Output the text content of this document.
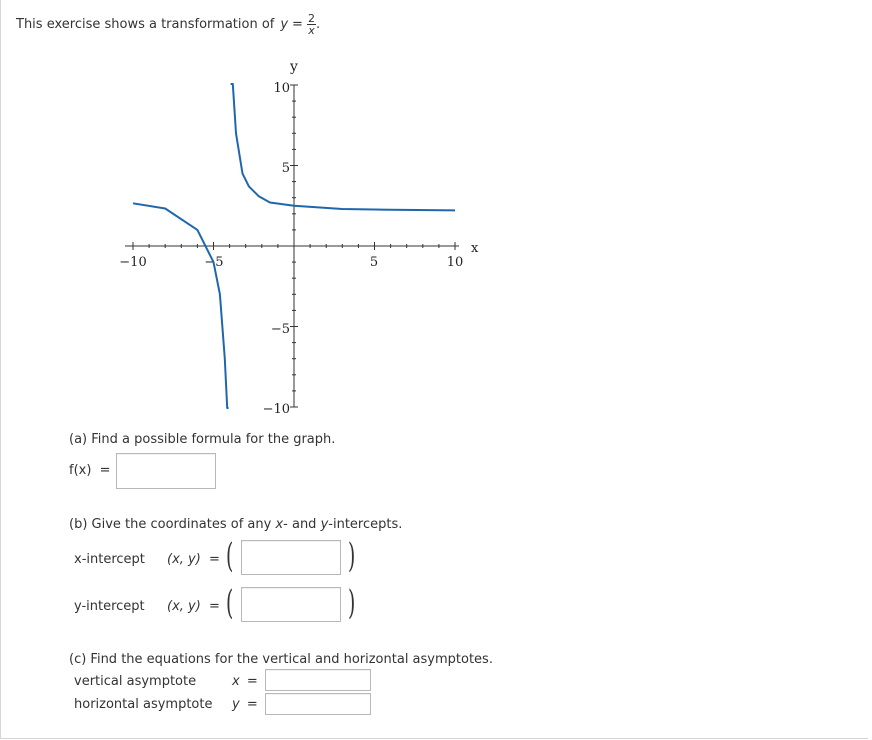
This exercise shows a transformation of $y = \frac{2}{x}$ .
−10	−5	5	10
10
5
−5
−10
x
y
(a) Find a possible formula for the graph.
f(x) =
(b) Give the coordinates of any x- and y-intercepts.
x-intercept (x, y) = (	)
y-intercept (x, y) = (	)
(c) Find the equations for the vertical and horizontal asymptotes.
vertical asymptote	x =
horizontal asymptote y =
